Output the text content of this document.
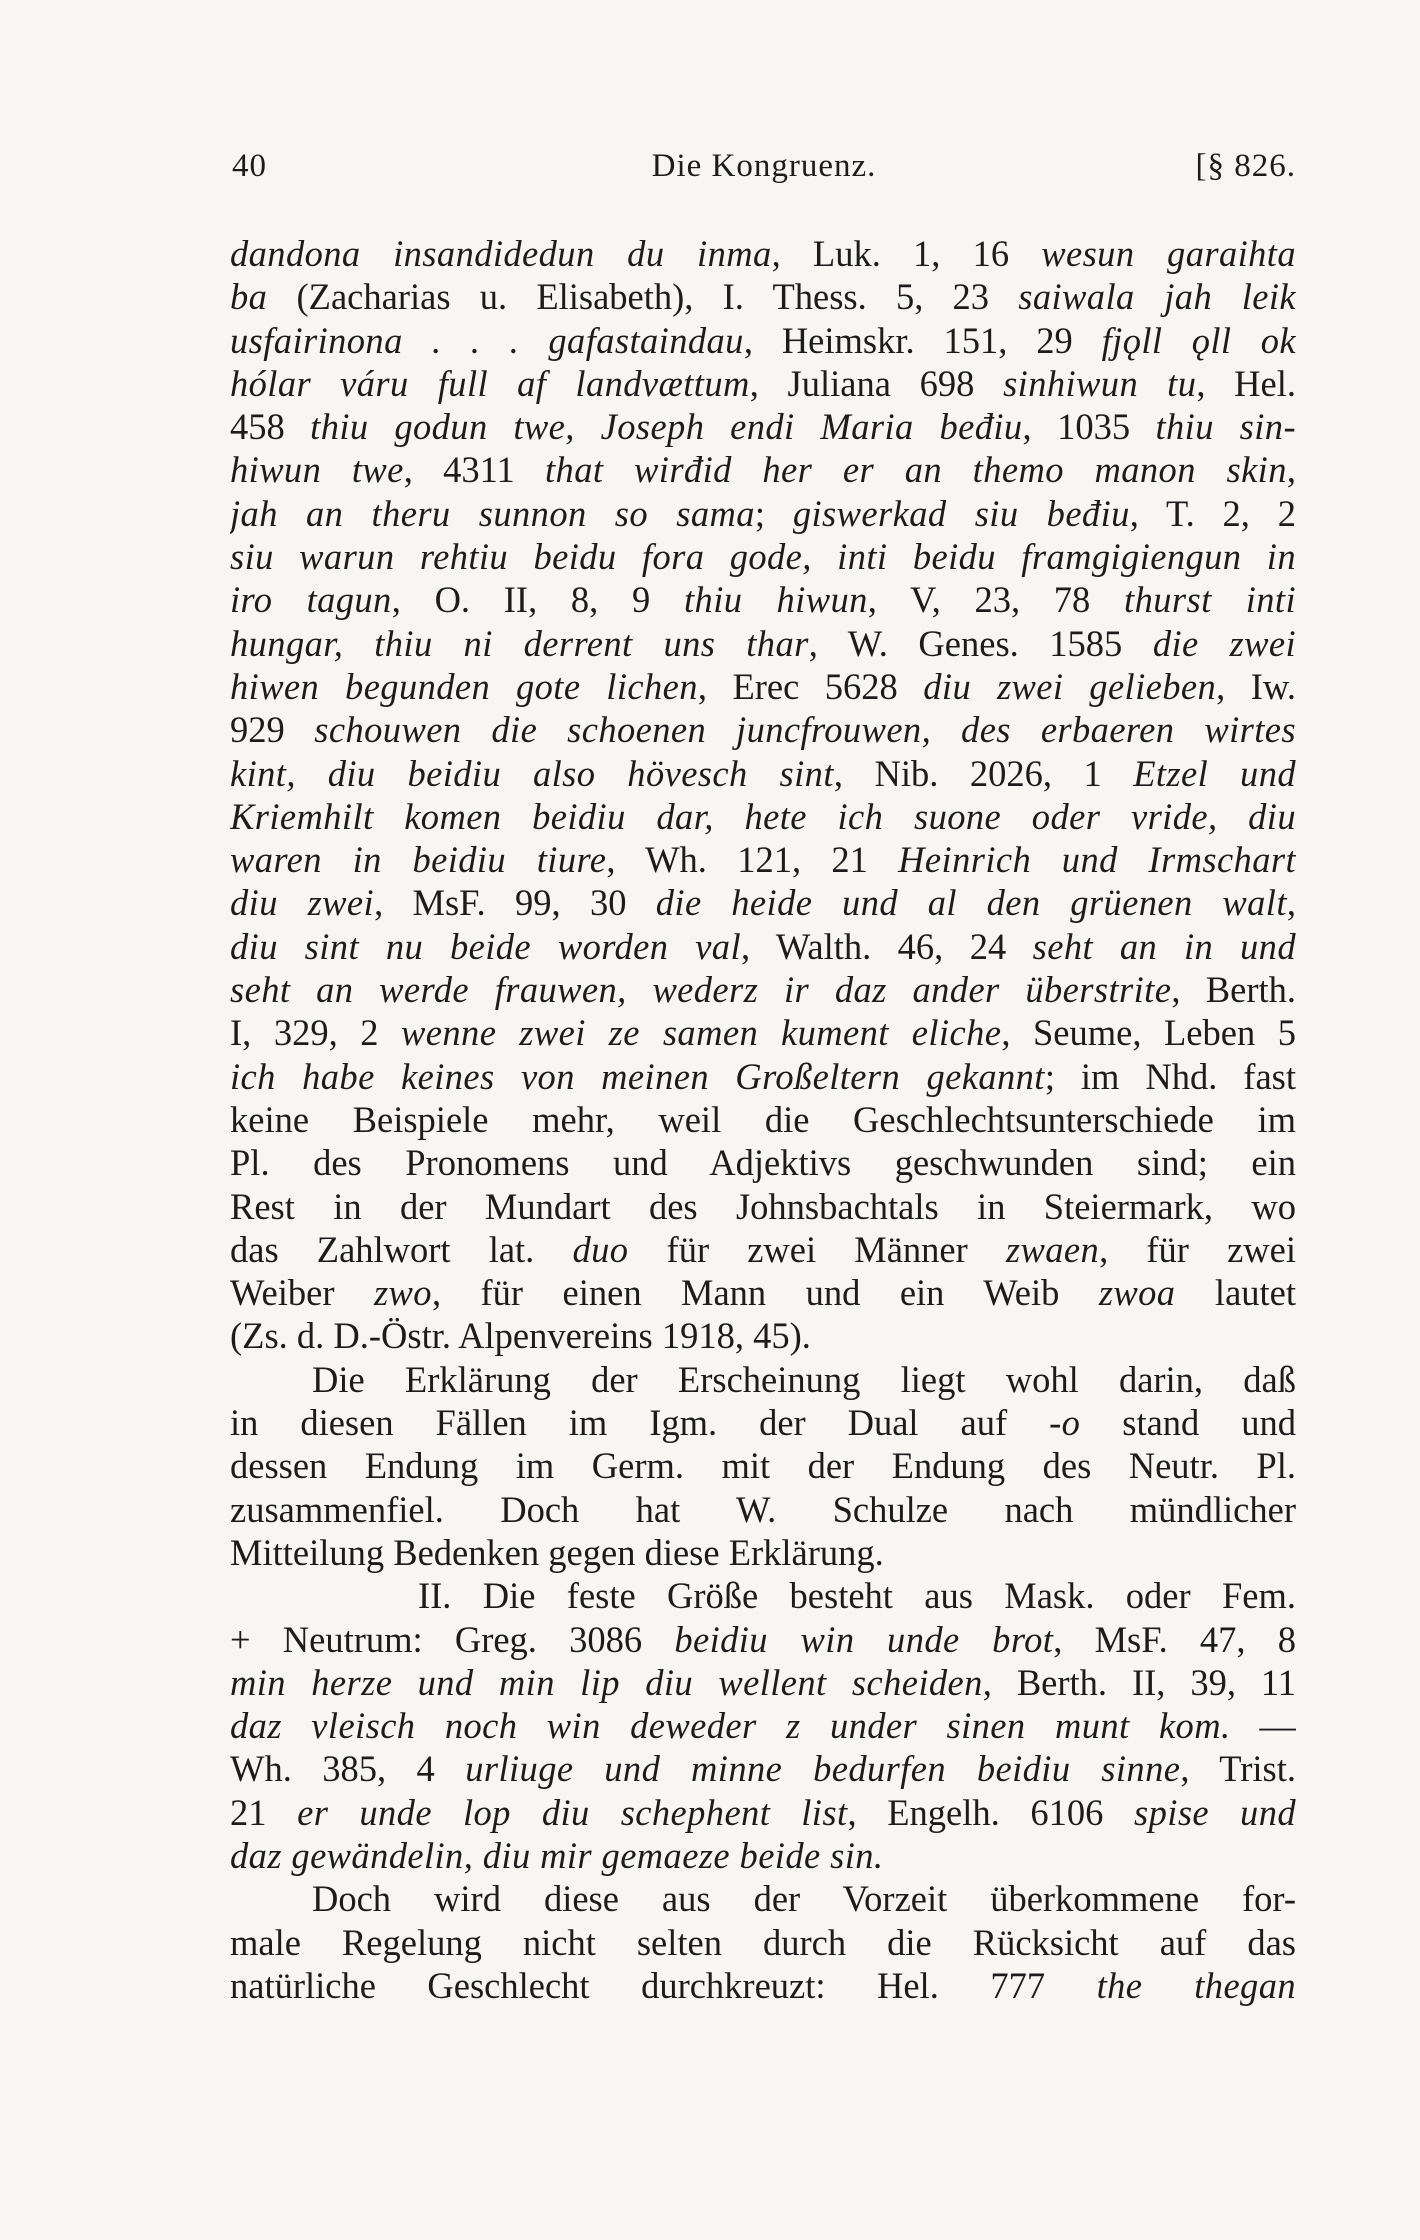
40	Die Kongruenz.	[§ 826.
dandona insandidedun du inma, Luk. 1, 16 wesun garaihta
ba (Zacharias u. Elisabeth), I. Thess. 5, 23 saiwala jah leik
usfairinona . . . gafastaindau, Heimskr. 151, 29 fjǫll ǫll ok
hólar váru full af landvættum, Juliana 698 sinhiwun tu, Hel.
458 thiu godun twe, Joseph endi Maria beđiu, 1035 thiu sin-
hiwun twe, 4311 that wirđid her er an themo manon skin,
jah an theru sunnon so sama; giswerkad siu beđiu, T. 2, 2
siu warun rehtiu beidu fora gode, inti beidu framgigiengun in
iro tagun, O. II, 8, 9 thiu hiwun, V, 23, 78 thurst inti
hungar, thiu ni derrent uns thar, W. Genes. 1585 die zwei
hiwen begunden gote lichen, Erec 5628 diu zwei gelieben, Iw.
929 schouwen die schoenen juncfrouwen, des erbaeren wirtes
kint, diu beidiu also hövesch sint, Nib. 2026, 1 Etzel und
Kriemhilt komen beidiu dar, hete ich suone oder vride, diu
waren in beidiu tiure, Wh. 121, 21 Heinrich und Irmschart
diu zwei, MsF. 99, 30 die heide und al den grüenen walt,
diu sint nu beide worden val, Walth. 46, 24 seht an in und
seht an werde frauwen, wederz ir daz ander überstrite, Berth.
I, 329, 2 wenne zwei ze samen kument eliche, Seume, Leben 5
ich habe keines von meinen Großeltern gekannt; im Nhd. fast
keine Beispiele mehr, weil die Geschlechtsunterschiede im
Pl. des Pronomens und Adjektivs geschwunden sind; ein
Rest in der Mundart des Johnsbachtals in Steiermark, wo
das Zahlwort lat. duo für zwei Männer zwaen, für zwei
Weiber zwo, für einen Mann und ein Weib zwoa lautet
(Zs. d. D.-Östr. Alpenvereins 1918, 45).
Die Erklärung der Erscheinung liegt wohl darin, daß
in diesen Fällen im Igm. der Dual auf -o stand und
dessen Endung im Germ. mit der Endung des Neutr. Pl.
zusammenfiel. Doch hat W. Schulze nach mündlicher
Mitteilung Bedenken gegen diese Erklärung.
II. Die feste Größe besteht aus Mask. oder Fem.
+ Neutrum: Greg. 3086 beidiu win unde brot, MsF. 47, 8
min herze und min lip diu wellent scheiden, Berth. II, 39, 11
daz vleisch noch win deweder z under sinen munt kom. —
Wh. 385, 4 urliuge und minne bedurfen beidiu sinne, Trist.
21 er unde lop diu schephent list, Engelh. 6106 spise und
daz gewändelin, diu mir gemaeze beide sin.
Doch wird diese aus der Vorzeit überkommene for-
male Regelung nicht selten durch die Rücksicht auf das
natürliche Geschlecht durchkreuzt: Hel. 777 the thegan
